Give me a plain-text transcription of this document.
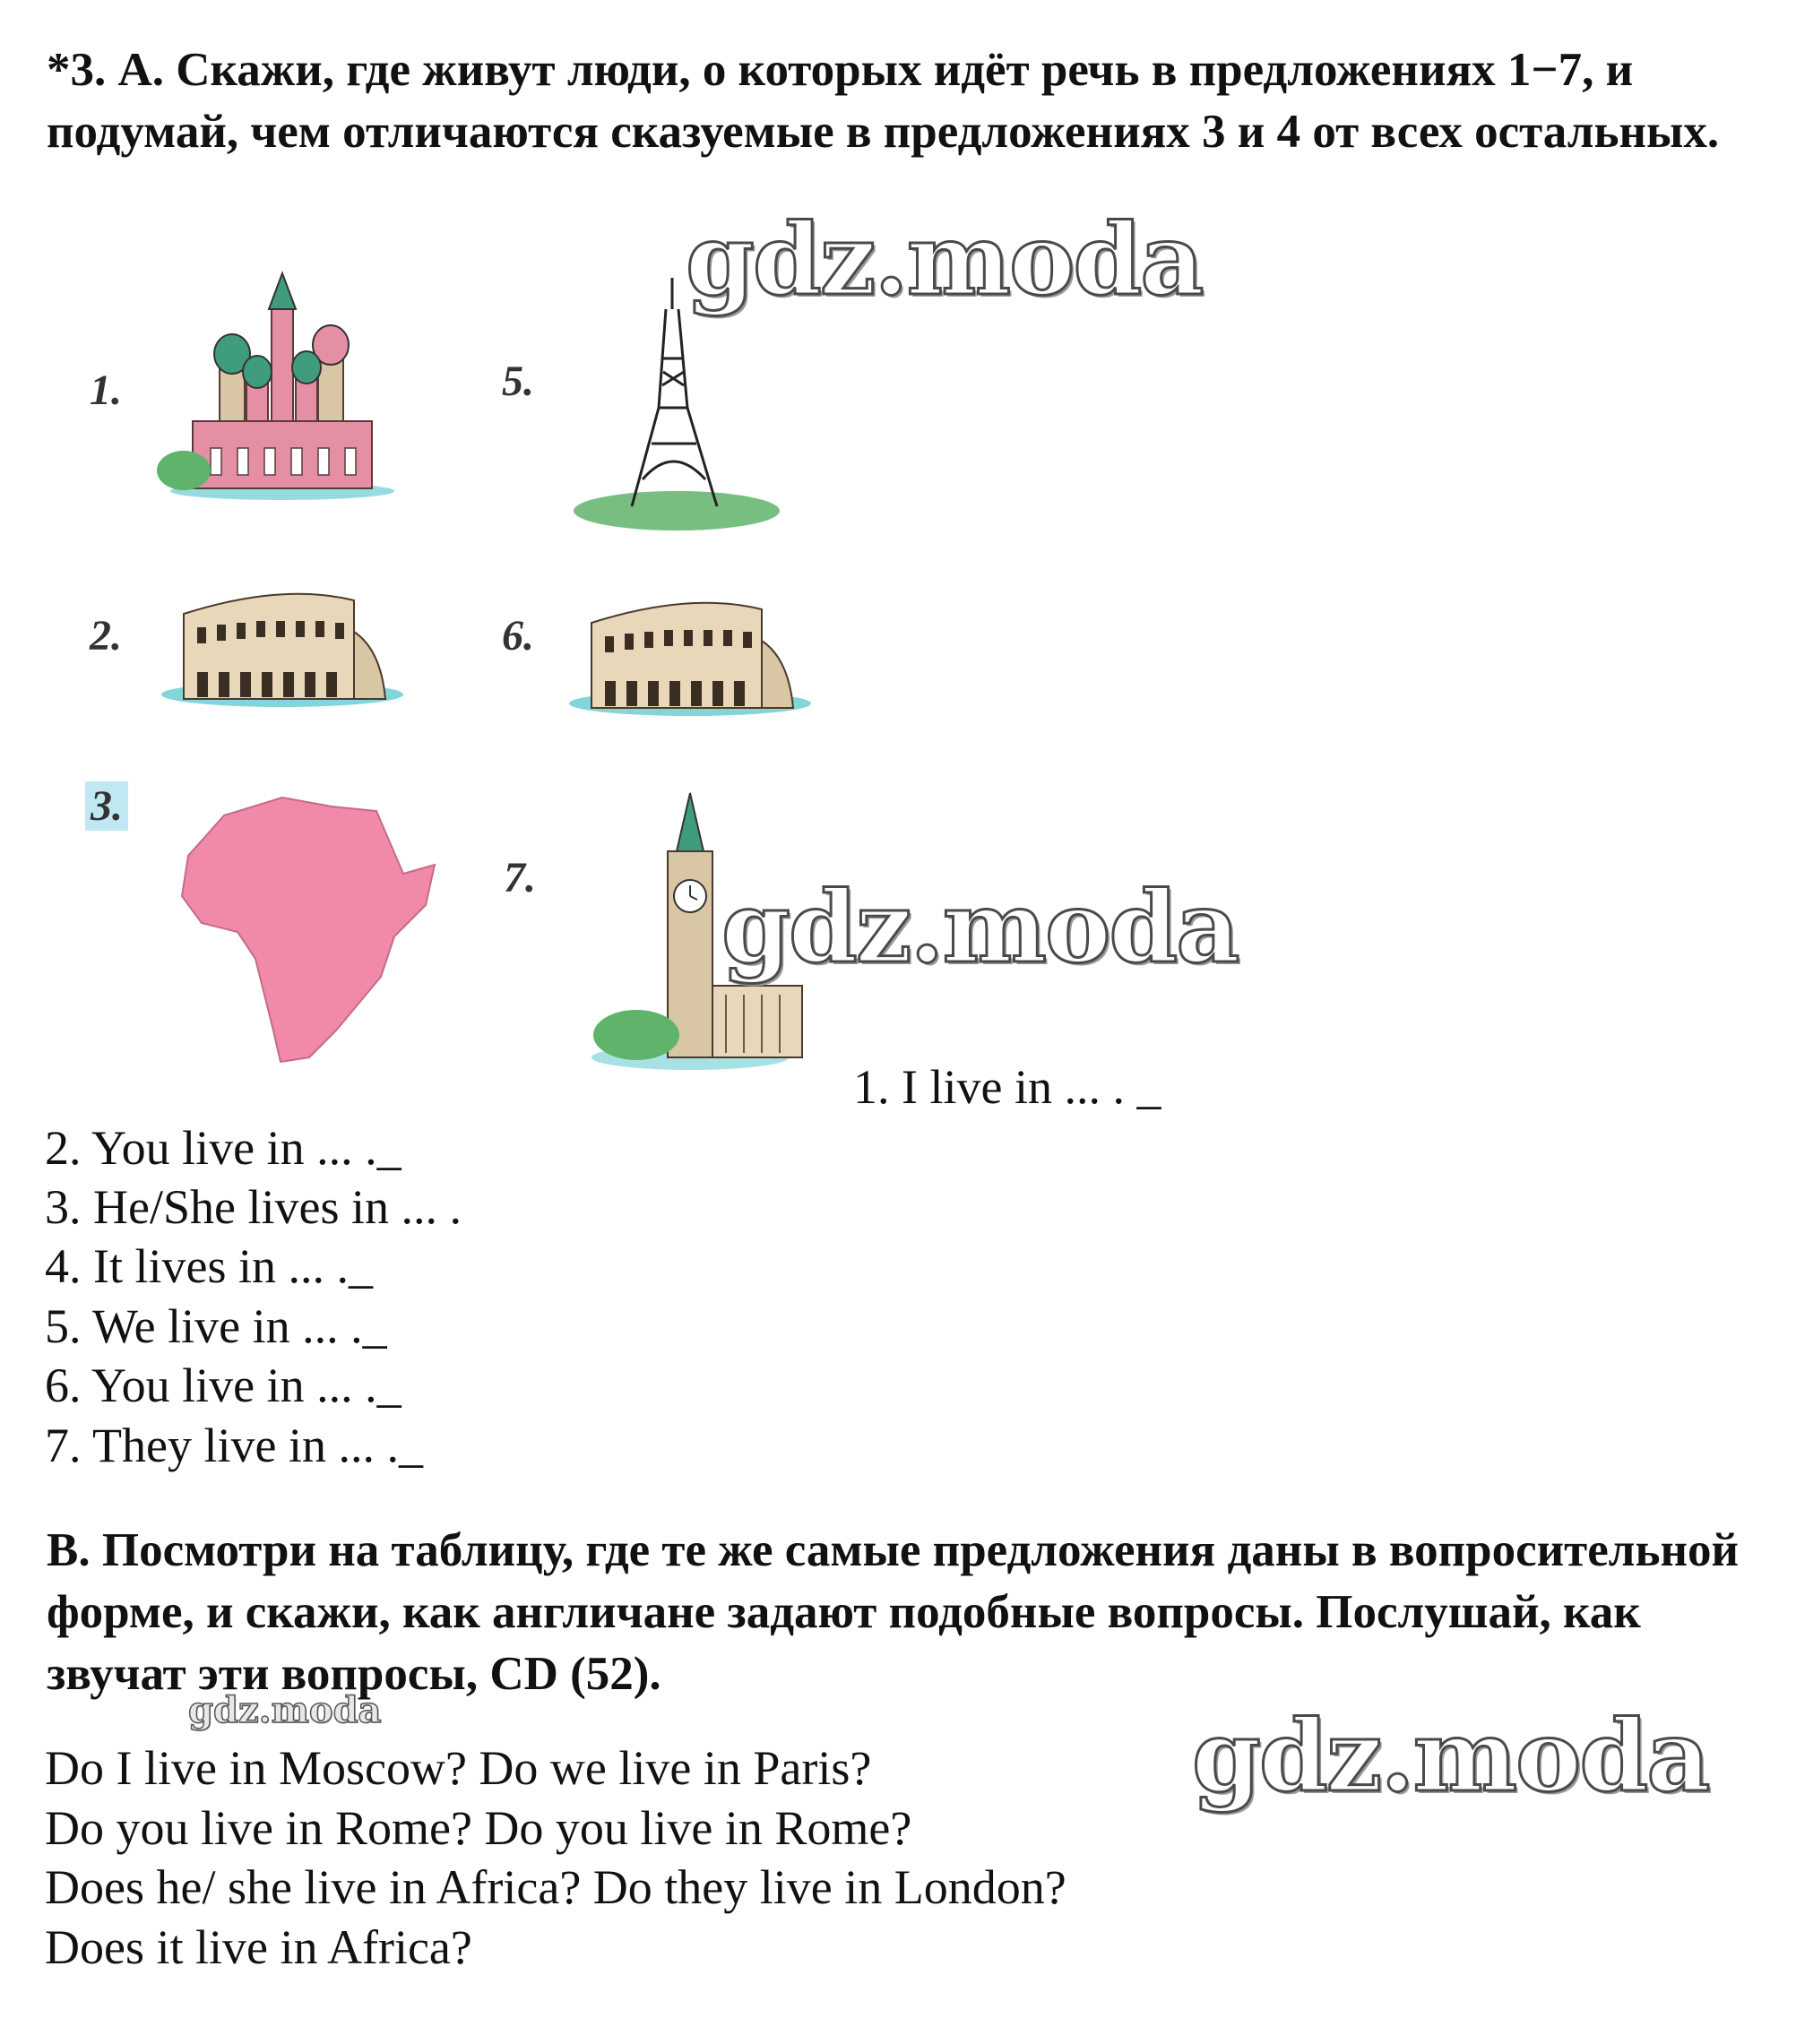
*3. А. Скажи, где живут люди, о которых идёт речь в предложениях 1−7, и подумай, чем отличаются сказуемые в предложениях 3 и 4 от всех остальных.

1.
2.
3.
5.
6.
7.

1. I live in ... . _

2. You live in ... ._

3. He/She lives in ... .

4. It lives in ... ._

5. We live in ... ._

6. You live in ... ._

7. They live in ... ._

B. Посмотри на таблицу, где те же самые предложения даны в вопросительной форме, и скажи, как англичане задают подобные вопросы. Послушай, как звучат эти вопросы, CD (52).

Do I live in Moscow? Do we live in Paris?

Do you live in Rome? Do you live in Rome?

Does he/ she live in Africa? Do they live in London?

Does it live in Africa?

gdz.moda
gdz.moda
gdz.moda	gdz.moda
